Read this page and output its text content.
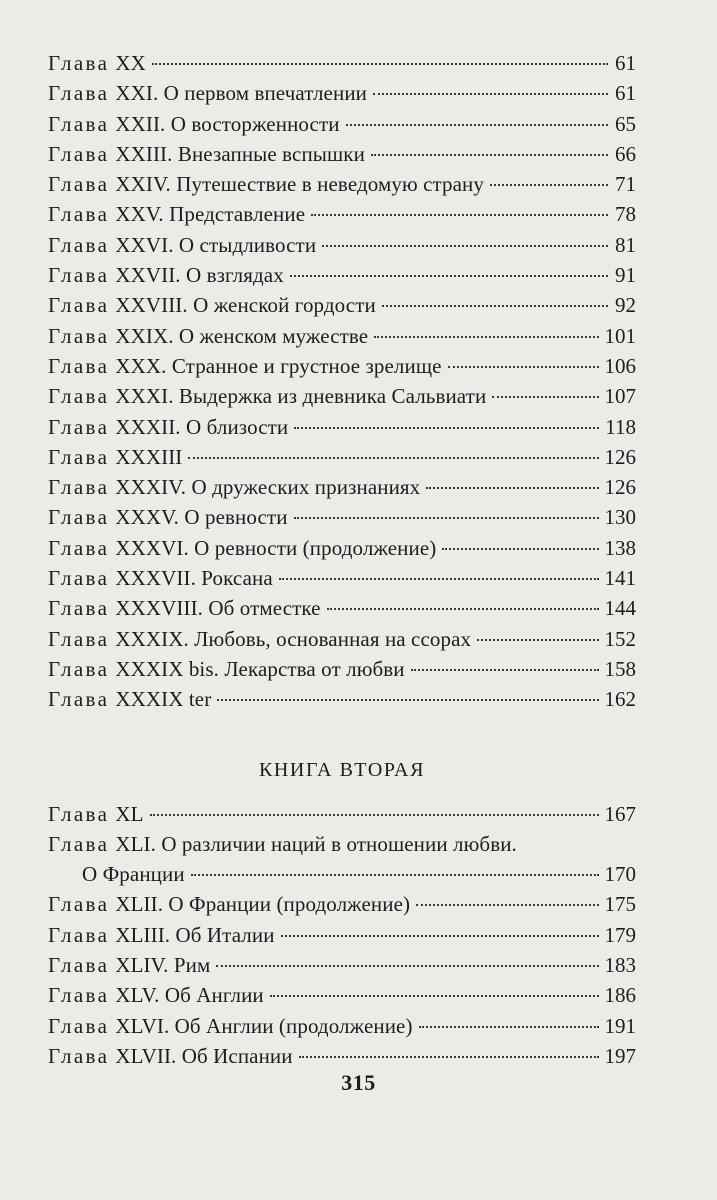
Глава XX	61
Глава XXI. О первом впечатлении	61
Глава XXII. О восторженности	65
Глава XXIII. Внезапные вспышки	66
Глава XXIV. Путешествие в неведомую страну	71
Глава XXV. Представление	78
Глава XXVI. О стыдливости	81
Глава XXVII. О взглядах	91
Глава XXVIII. О женской гордости	92
Глава XXIX. О женском мужестве	101
Глава XXX. Странное и грустное зрелище	106
Глава XXXI. Выдержка из дневника Сальвиати	107
Глава XXXII. О близости	118
Глава XXXIII	126
Глава XXXIV. О дружеских признаниях	126
Глава XXXV. О ревности	130
Глава XXXVI. О ревности (продолжение)	138
Глава XXXVII. Роксана	141
Глава XXXVIII. Об отместке	144
Глава XXXIX. Любовь, основанная на ссорах	152
Глава XXXIX bis. Лекарства от любви	158
Глава XXXIX ter	162
КНИГА ВТОРАЯ
Глава XL	167
Глава XLI. О различии наций в отношении любви.
О Франции	170
Глава XLII. О Франции (продолжение)	175
Глава XLIII. Об Италии	179
Глава XLIV. Рим	183
Глава XLV. Об Англии	186
Глава XLVI. Об Англии (продолжение)	191
Глава XLVII. Об Испании	197
315
